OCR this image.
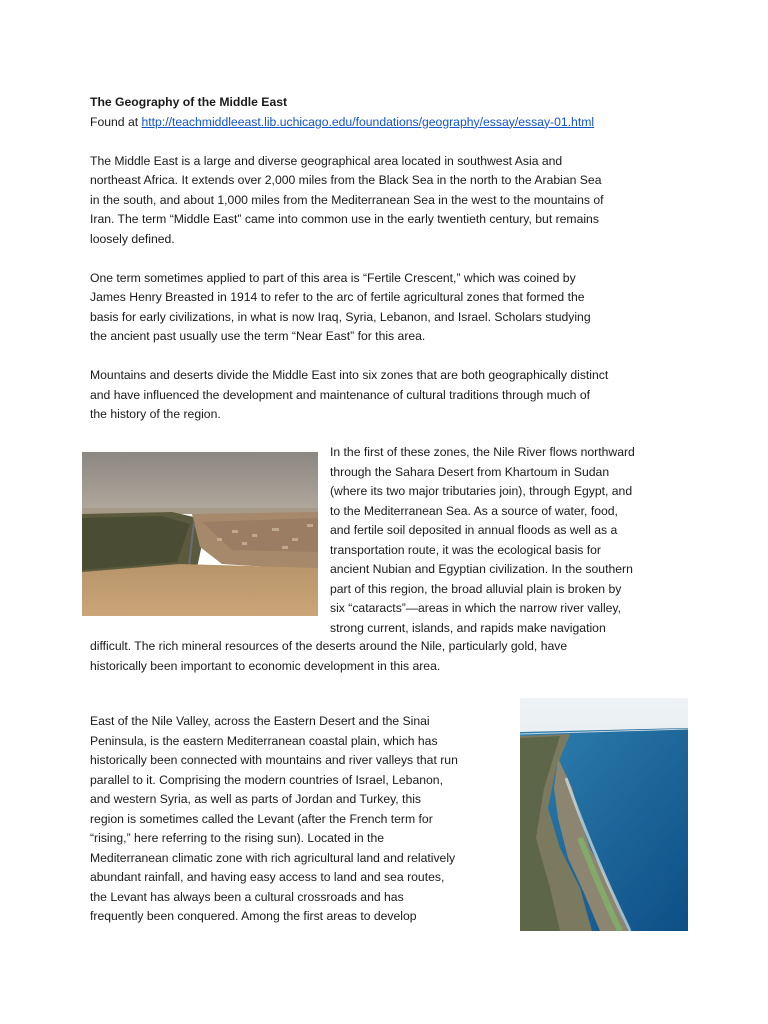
The Geography of the Middle East

Found at http://teachmiddleeast.lib.uchicago.edu/foundations/geography/essay/essay-01.html

The Middle East is a large and diverse geographical area located in southwest Asia and
northeast Africa. It extends over 2,000 miles from the Black Sea in the north to the Arabian Sea
in the south, and about 1,000 miles from the Mediterranean Sea in the west to the mountains of
Iran. The term “Middle East” came into common use in the early twentieth century, but remains
loosely defined.

One term sometimes applied to part of this area is “Fertile Crescent,” which was coined by
James Henry Breasted in 1914 to refer to the arc of fertile agricultural zones that formed the
basis for early civilizations, in what is now Iraq, Syria, Lebanon, and Israel. Scholars studying
the ancient past usually use the term “Near East” for this area.

Mountains and deserts divide the Middle East into six zones that are both geographically distinct
and have influenced the development and maintenance of cultural traditions through much of
the history of the region.

In the first of these zones, the Nile River flows northward
through the Sahara Desert from Khartoum in Sudan
(where its two major tributaries join), through Egypt, and
to the Mediterranean Sea. As a source of water, food,
and fertile soil deposited in annual floods as well as a
transportation route, it was the ecological basis for
ancient Nubian and Egyptian civilization. In the southern
part of this region, the broad alluvial plain is broken by
six “cataracts”—areas in which the narrow river valley,
strong current, islands, and rapids make navigation
difficult. The rich mineral resources of the deserts around the Nile, particularly gold, have
historically been important to economic development in this area.
East of the Nile Valley, across the Eastern Desert and the Sinai
Peninsula, is the eastern Mediterranean coastal plain, which has
historically been connected with mountains and river valleys that run
parallel to it. Comprising the modern countries of Israel, Lebanon,
and western Syria, as well as parts of Jordan and Turkey, this
region is sometimes called the Levant (after the French term for
“rising,” here referring to the rising sun). Located in the
Mediterranean climatic zone with rich agricultural land and relatively
abundant rainfall, and having easy access to land and sea routes,
the Levant has always been a cultural crossroads and has
frequently been conquered. Among the first areas to develop
